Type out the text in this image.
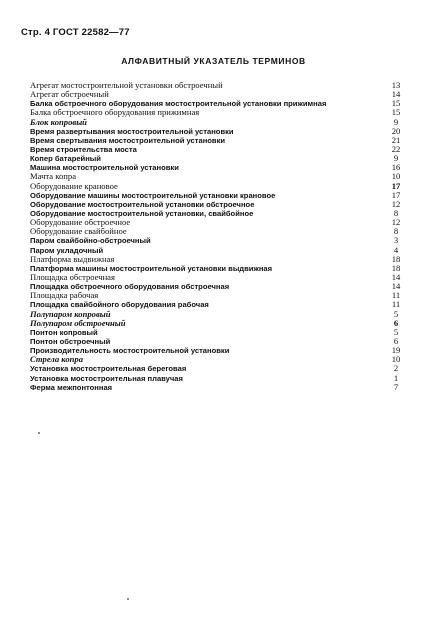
Стр. 4 ГОСТ 22582—77
АЛФАВИТНЫЙ УКАЗАТЕЛЬ ТЕРМИНОВ
Агрегат мостостроительной установки обстроечный	13
Агрегат обстроечный	14
Балка обстроечного оборудования мостостроительной установки прижимная	15
Балка обстроечного оборудования прижимная	15
Блок копровый	9
Время развертывания мостостроительной установки	20
Время свертывания мостостроительной установки	21
Время строительства моста	22
Копер батарейный	9
Машина мостостроительной установки	16
Мачта копра	10
Оборудование крановое	17
Оборудование машины мостостроительной установки крановое	17
Оборудование мостостроительной установки обстроечное	12
Оборудование мостостроительной установки, свайбойное	8
Оборудование обстроечное	12
Оборудование свайбойное	8
Паром свайбойно-обстроечный	3
Паром укладочный	4
Платформа выдвижная	18
Платформа машины мостостроительной установки выдвижная	18
Площадка обстроечная	14
Площадка обстроечного оборудования обстроечная	14
Площадка рабочая	11
Площадка свайбойного оборудования рабочая	11
Полупаром копровый	5
Полупаром обстроечный	6
Понтон копровый	5
Понтон обстроечный	6
Производительность мостостроительной установки	19
Стрела копра	10
Установка мостостроительная береговая	2
Установка мостостроительная плавучая	1
Ферма межпонтонная	7
